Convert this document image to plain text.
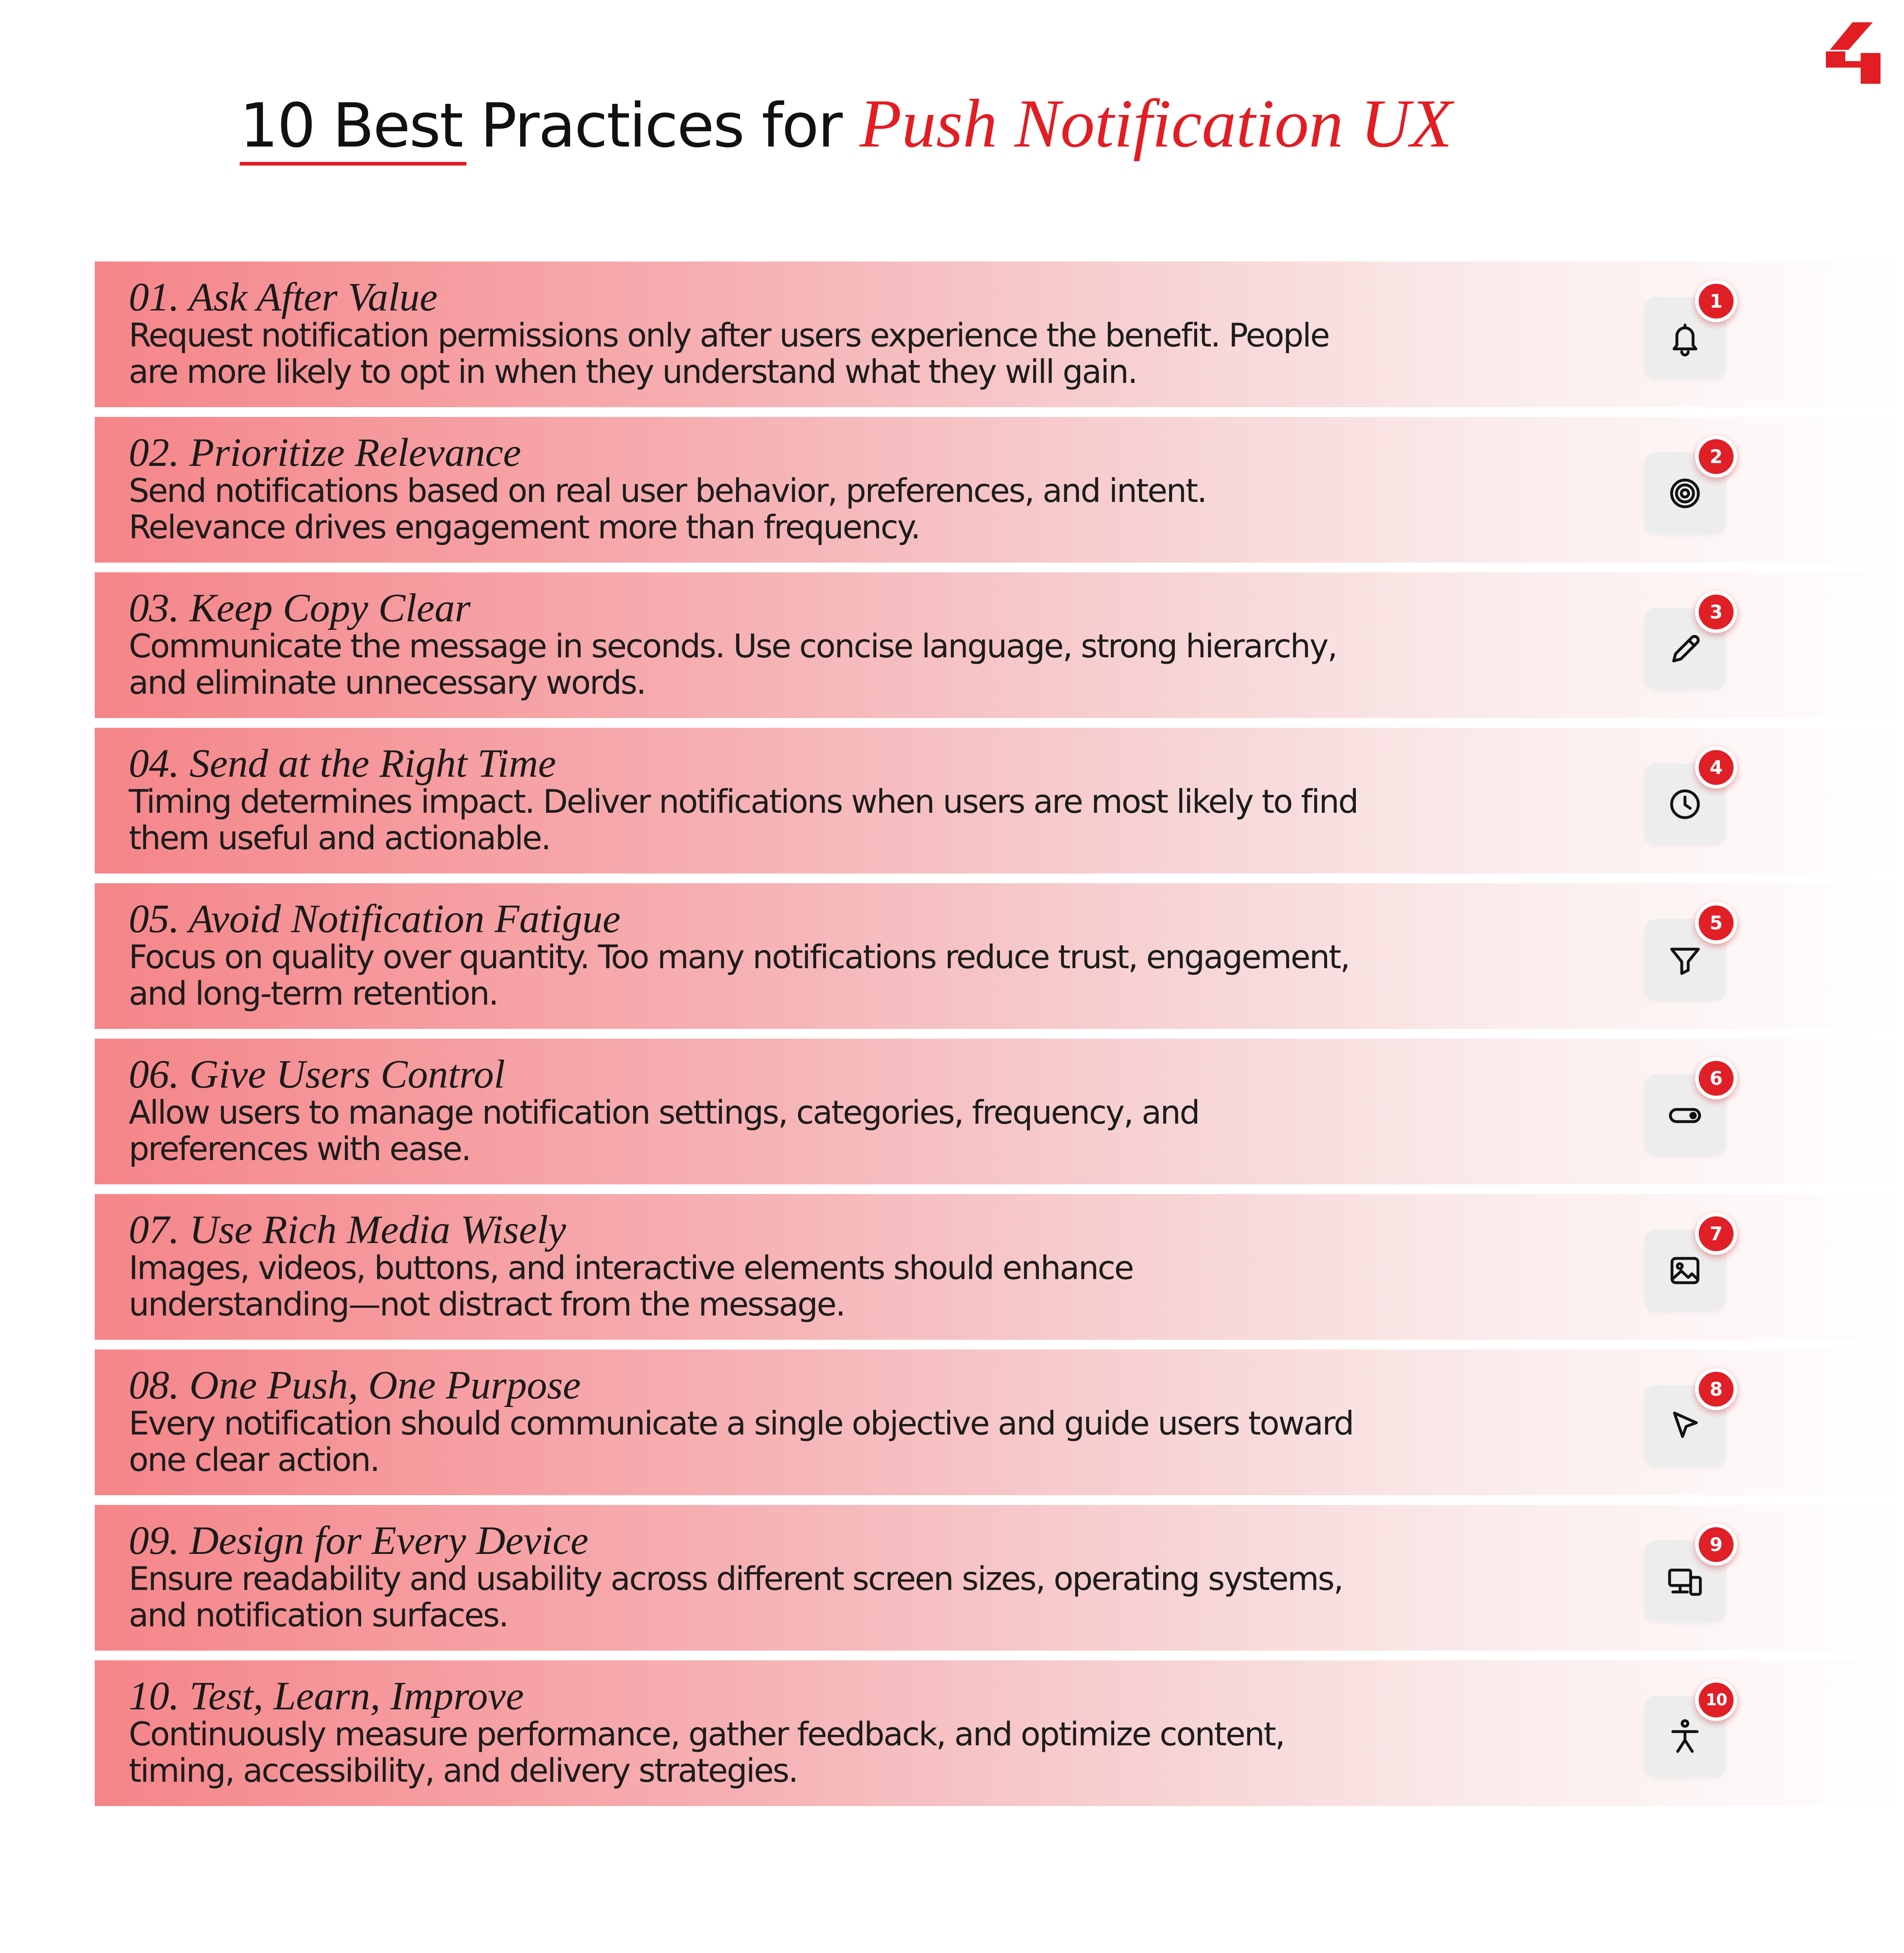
10 Best Practices for Push Notification UX
01. Ask After Value
Request notification permissions only after users experience the benefit. People
are more likely to opt in when they understand what they will gain.
1
02. Prioritize Relevance
Send notifications based on real user behavior, preferences, and intent.
Relevance drives engagement more than frequency.
2
03. Keep Copy Clear
Communicate the message in seconds. Use concise language, strong hierarchy,
and eliminate unnecessary words.
3
04. Send at the Right Time
Timing determines impact. Deliver notifications when users are most likely to find
them useful and actionable.
4
05. Avoid Notification Fatigue
Focus on quality over quantity. Too many notifications reduce trust, engagement,
and long-term retention.
5
06. Give Users Control
Allow users to manage notification settings, categories, frequency, and
preferences with ease.
6
07. Use Rich Media Wisely
Images, videos, buttons, and interactive elements should enhance
understanding—not distract from the message.
7
08. One Push, One Purpose
Every notification should communicate a single objective and guide users toward
one clear action.
8
09. Design for Every Device
Ensure readability and usability across different screen sizes, operating systems,
and notification surfaces.
9
10. Test, Learn, Improve
Continuously measure performance, gather feedback, and optimize content,
timing, accessibility, and delivery strategies.
10
